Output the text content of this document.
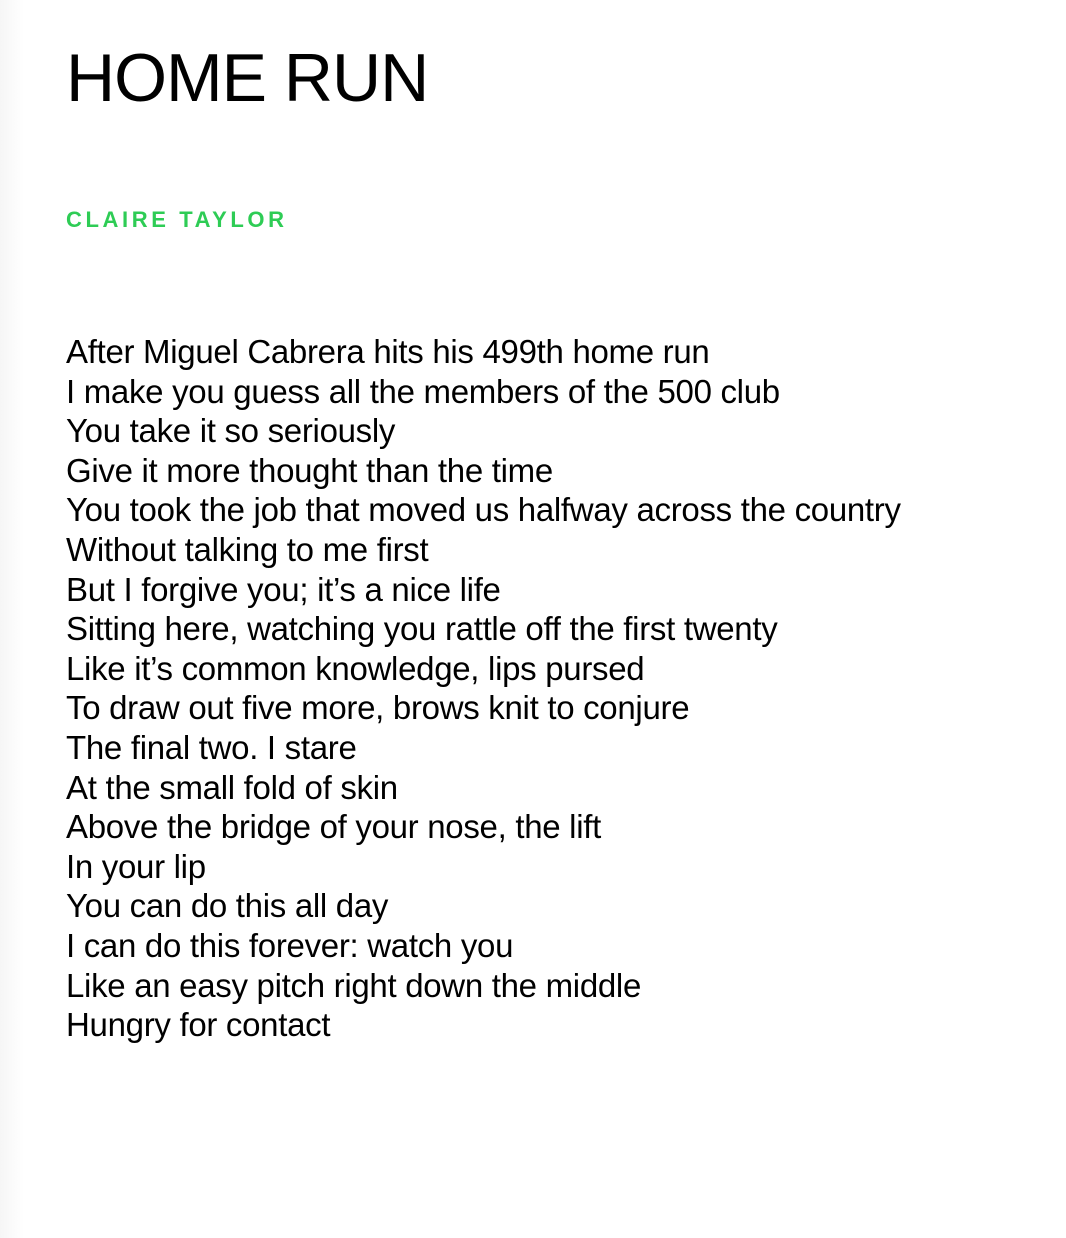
HOME RUN

CLAIRE TAYLOR

After Miguel Cabrera hits his 499th home run
I make you guess all the members of the 500 club
You take it so seriously
Give it more thought than the time
You took the job that moved us halfway across the country
Without talking to me first
But I forgive you; it’s a nice life
Sitting here, watching you rattle off the first twenty
Like it’s common knowledge, lips pursed
To draw out five more, brows knit to conjure
The final two. I stare
At the small fold of skin
Above the bridge of your nose, the lift
In your lip
You can do this all day
I can do this forever: watch you
Like an easy pitch right down the middle
Hungry for contact
